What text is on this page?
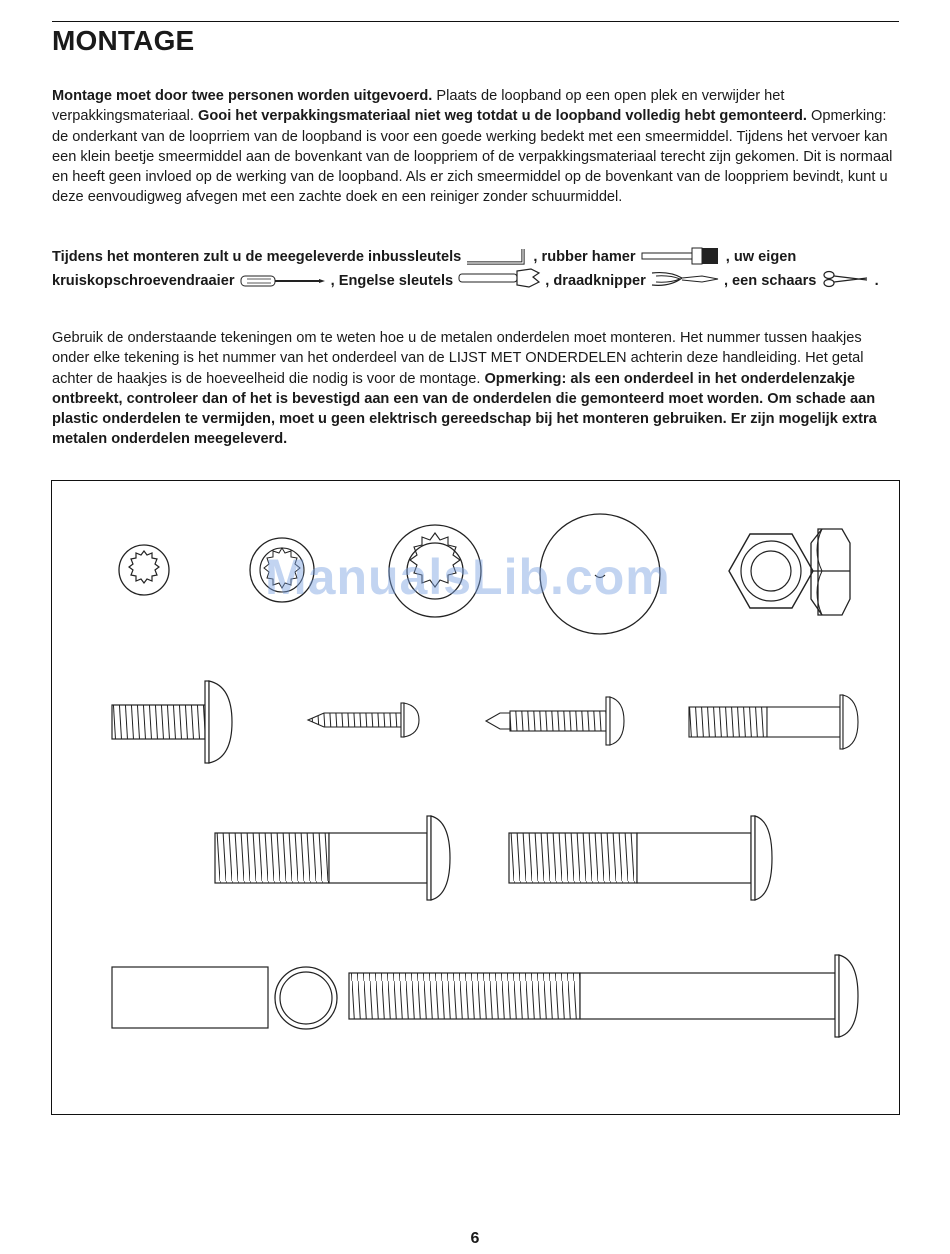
MONTAGE

Montage moet door twee personen worden uitgevoerd. Plaats de loopband op een open plek en verwijder het verpakkingsmateriaal. Gooi het verpakkingsmateriaal niet weg totdat u de loopband volledig hebt gemonteerd. Opmerking: de onderkant van de looprriem van de loopband is voor een goede werking bedekt met een smeermiddel. Tijdens het vervoer kan een klein beetje smeermiddel aan de bovenkant van de looppriem of de verpakkingsmateriaal terecht zijn gekomen. Dit is normaal en heeft geen invloed op de werking van de loopband. Als er zich smeermiddel op de bovenkant van de looppriem bevindt, kunt u deze eenvoudigweg afvegen met een zachte doek en een reiniger zonder schuurmiddel.

Tijdens het monteren zult u de meegeleverde inbussleutels	, rubber hamer	, uw eigen kruiskopschroevendraaier	, Engelse sleutels	, draadknipper	, een schaars	.

Gebruik de onderstaande tekeningen om te weten hoe u de metalen onderdelen moet monteren. Het nummer tussen haakjes onder elke tekening is het nummer van het onderdeel van de LIJST MET ONDERDELEN achterin deze handleiding. Het getal achter de haakjes is de hoeveelheid die nodig is voor de montage. Opmerking: als een onderdeel in het onderdelenzakje ontbreekt, controleer dan of het is bevestigd aan een van de onderdelen die gemonteerd moet worden. Om schade aan plastic onderdelen te vermijden, moet u geen elektrisch gereedschap bij het monteren gebruiken. Er zijn mogelijk extra metalen onderdelen meegeleverd.

ManualsLib.com
6
